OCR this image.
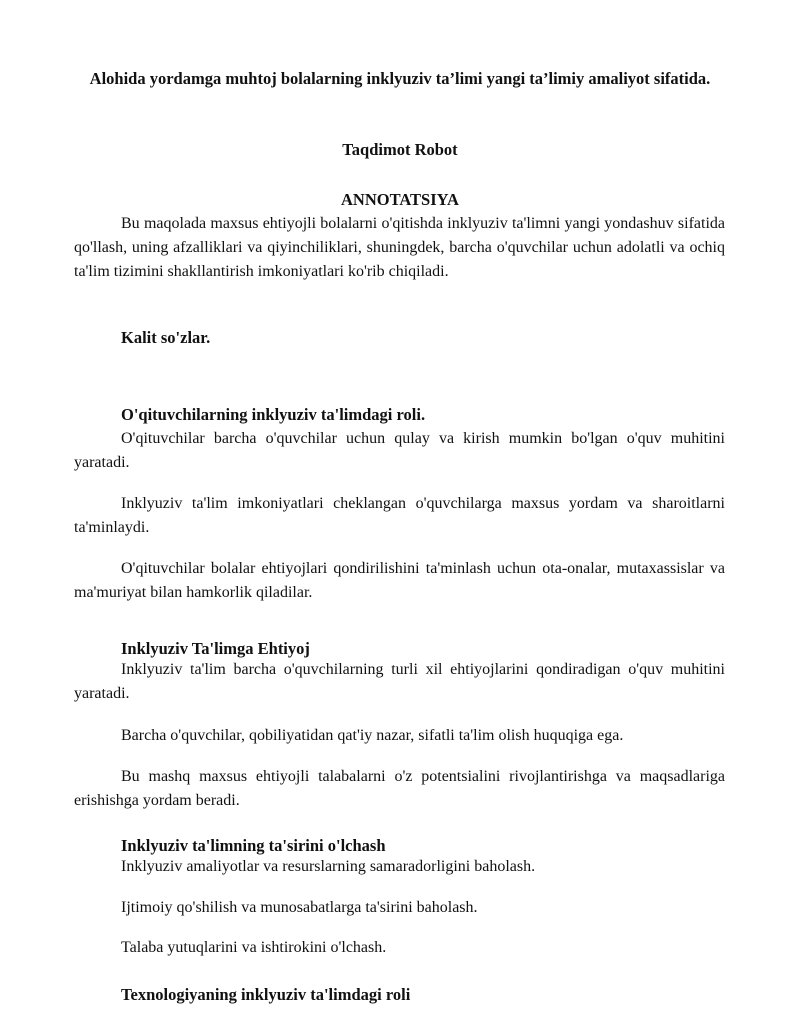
Alohida yordamga muhtoj bolalarning inklyuziv ta’limi yangi ta’limiy amaliyot sifatida.
Taqdimot Robot
ANNOTATSIYA

Bu maqolada maxsus ehtiyojli bolalarni o'qitishda inklyuziv ta'limni yangi yondashuv sifatida qo'llash, uning afzalliklari va qiyinchiliklari, shuningdek, barcha o'quvchilar uchun adolatli va ochiq ta'lim tizimini shakllantirish imkoniyatlari ko'rib chiqiladi.

Kalit so'zlar.
O'qituvchilarning inklyuziv ta'limdagi roli.

O'qituvchilar barcha o'quvchilar uchun qulay va kirish mumkin bo'lgan o'quv muhitini yaratadi.

Inklyuziv ta'lim imkoniyatlari cheklangan o'quvchilarga maxsus yordam va sharoitlarni ta'minlaydi.

O'qituvchilar bolalar ehtiyojlari qondirilishini ta'minlash uchun ota-onalar, mutaxassislar va ma'muriyat bilan hamkorlik qiladilar.

Inklyuziv Ta'limga Ehtiyoj

Inklyuziv ta'lim barcha o'quvchilarning turli xil ehtiyojlarini qondiradigan o'quv muhitini yaratadi.

Barcha o'quvchilar, qobiliyatidan qat'iy nazar, sifatli ta'lim olish huquqiga ega.

Bu mashq maxsus ehtiyojli talabalarni o'z potentsialini rivojlantirishga va maqsadlariga erishishga yordam beradi.

Inklyuziv ta'limning ta'sirini o'lchash

Inklyuziv amaliyotlar va resurslarning samaradorligini baholash.

Ijtimoiy qo'shilish va munosabatlarga ta'sirini baholash.

Talaba yutuqlarini va ishtirokini o'lchash.

Texnologiyaning inklyuziv ta'limdagi roli
